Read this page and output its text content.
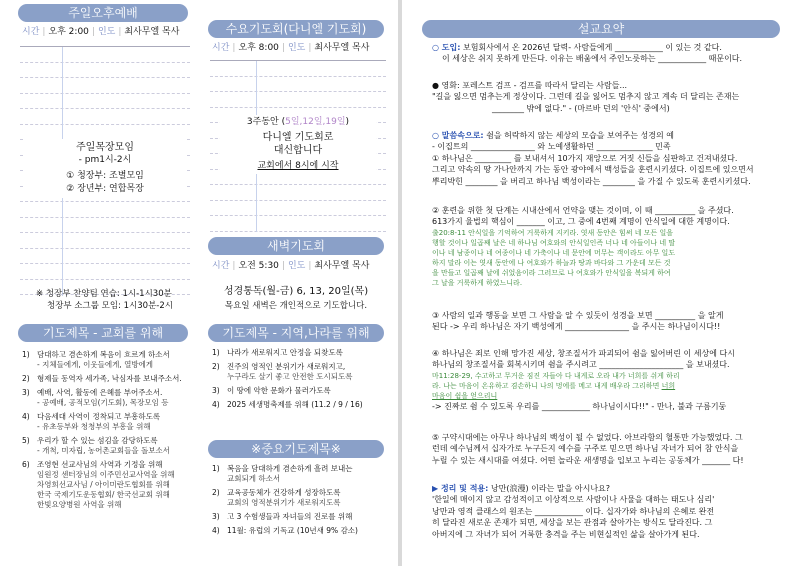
주일오후예배
시간 | 오후 2:00 | 인도 | 최사무엘 목사
주일목장모임
- pm1시-2시
① 청장부: 조별모임
② 장년부: 연합목장
※ 청장부 찬양팀 연습: 1시-1시30분
청장부 소그룹 모임: 1시30분-2시
수요기도회(다니엘 기도회)
시간 | 오후 8:00 | 인도 | 최사무엘 목사
3주동안 (5일,12일,19일)
다니엘 기도회로
대신합니다
교회에서 8시에 시작
새벽기도회
시간 | 오전 5:30 | 인도 | 최사무엘 목사
성경통독(월-금) 6, 13, 20일(목)
목요일 새벽은 개인적으로 기도합니다.
기도제목 - 교회를 위해
1) 담대하고 겸손하게 복음이 흐르게 하소서
- 지체들에게, 이웃들에게, 열방에게
2) 형제들 동역자 세가족, 낙심자를 보내주소서.
3) 예배, 사역, 활동에 은혜를 부어주소서.
- 공예배, 공적모임(기도회), 목장모임 등
4) 다음세대 사역이 정착되고 부흥하도록
- 유초등부와 청청부의 부흥을 위해
5) 우리가 할 수 있는 섬김을 감당하도록
- 개척, 미자립, 농어촌교회들을 돌보소서
6) 조영현 선교사님의 사역과 기정을 위해
임원정 센터장님의 이주민선교사역을 위해
차영희선교사님 / 아이미란도협회를 위해
한국 국제기도운동협회/ 한국선교회 위해
한빛요양병원 사역을 위해
기도제목 - 지역,나라를 위해
1) 나라가 새로워지고 안정을 되찾도록
2) 진주의 영적인 분위기가 새로워지고,
누구라도 살기 좋고 안전한 도시되도록
3) 이 땅에 악한 문화가 물러가도록
4) 2025 세생명축제를 위해 (11.2 / 9 / 16)
※중요기도제목※
1) 복음을 담대하게 겸손하게 흘려 보내는
교회되게 하소서
2) 교육공동체가 건강하게 성장하도록
교회의 영적분위기가 새로워지도록
3) 고 3 수험생들과 자녀들의 진로를 위해
4) 11월: 유럽의 기독교 (10년새 9% 감소)
설교요약
○ 도입: 보험회사에서 온 2026년 달력- 사람들에게 ____________ 이 있는 것 같다.
이 세상은 쉬지 못하게 만든다. 이유는 배움에서 주인노릇하는 ____________ 때문이다.
● 영화: 포레스트 검프 - 검프를 따라서 달리는 사람들...
"길을 잃으면 멈추는게 정상이다. 그런데 길을 잃어도 멈추지 않고 계속 더 달리는 존재는
________ 밖에 없다." - (마르바 던의 '안식' 중에서)
○ 말씀속으로: 쉼을 허락하지 않는 세상의 모습을 보여주는 성경의 예
- 이집트의 ________________ 와 노예생활하던 ______________ 민족
① 하나님은 _________ 를 보내셔서 10가지 재앙으로 거짓 신들을 심판하고 건져내셨다.
그리고 약속의 땅 가나안까지 가는 동안 광야에서 백성들을 훈련시키셨다. 이집트에 있으면서
뿌리박힌 ________ 을 버리고 하나님 백성이라는 ________ 을 가질 수 있도록 훈련시키셨다.
② 훈련을 위한 첫 단계는 시내산에서 언약을 맺는 것이며, 이 때 __________ 을 주셨다.
613가지 율법의 핵심이 _______ 이고, 그 중에 4번째 계명이 안식일에 대한 계명이다.
출20:8-11 안식일을 기억하여 거룩하게 지키라. 엿새 동안은 힘써 네 모든 일을
행할 것이나 일곱째 날은 네 하나님 여호와의 안식일인즉 너나 네 아들이나 네 딸
이나 네 남종이나 네 여종이나 네 가축이나 네 문안에 머무는 객이라도 아무 일도
하지 말라 이는 엿새 동안에 나 여호와가 하늘과 땅과 바다와 그 가운데 모든 것
을 만들고 일곱째 날에 쉬었음이라 그러므로 나 여호와가 안식일을 복되게 하여
그 날을 거룩하게 하였느니라.
③ 사람의 일과 행동을 보면 그 사람을 알 수 있듯이 성경을 보면 __________ 을 알게
된다 -> 우리 하나님은 자기 백성에게 ________________ 을 주시는 하나님이시다!!
④ 하나님은 죄로 인해 망가진 세상, 창조질서가 파괴되어 쉼을 잃어버린 이 세상에 다시
하나님의 창조질서를 회복시키며 쉼을 주시려고 _____________________ 을 보내셨다.
마11:28-29, 수고하고 무거운 짐진 자들아 다 내게로 오라 내가 너희를 쉬게 하리
라. 나는 마음이 온유하고 겸손하니 나의 멍에를 메고 내게 배우라 그리하면 너희
마음이 쉼을 얻으리니
-> 진짜로 쉼 수 있도록 우리를 ____________ 하나님이시다!!" - 만나, 불과 구름기둥
⑤ 구약시대에는 아무나 하나님의 백성이 될 수 없었다. 아브라함의 혈통만 가능했었다. 그
런데 예수님께서 십자가로 누구든지 예수를 구주로 믿으면 하나님 자녀가 되어 참 안식을
누릴 수 있는 새시대를 여셨다. 어떤 놀라운 새생명을 입보고 누리는 공동체가 _______ 다!
▶ 정리 및 적용: 낭만(浪漫) 이라는 말을 아시나요?
'한일에 매이지 않고 감성적이고 이상적으로 사람이나 사물을 대하는 태도나 심리'
낭만과 영적 클래스의 원조는 ____________ 이다. 십자가와 하나님의 은혜로 완전
히 달라진 새로운 존재가 되면, 세상을 보는 관점과 살아가는 방식도 달라진다. 그
아버지에 그 자녀가 되어 거룩한 충격을 주는 비현실적인 삶을 살아가게 된다.
